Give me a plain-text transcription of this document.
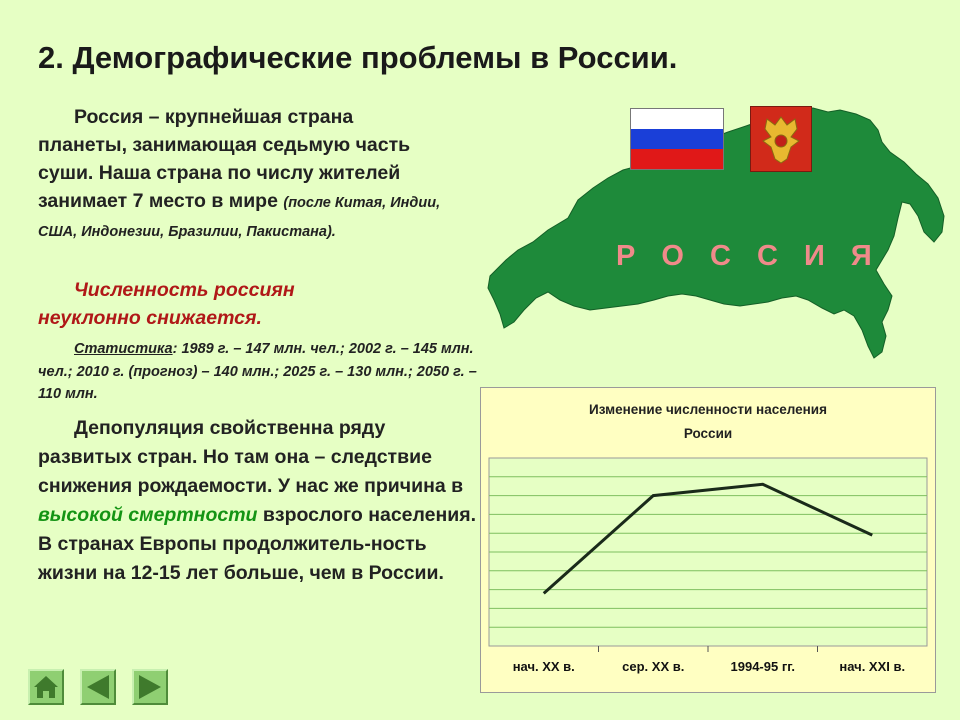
2. Демографические проблемы в России.
Россия – крупнейшая страна
планеты, занимающая седьмую часть суши. Наша страна по числу жителей занимает 7 место в мире (после Китая, Индии, США, Индонезии, Бразилии, Пакистана).
Численность россиян
неуклонно снижается.
Статистика: 1989 г. – 147 млн. чел.; 2002 г. – 145 млн. чел.; 2010 г. (прогноз) – 140 млн.; 2025 г. – 130 млн.; 2050 г. – 110 млн.
Депопуляция свойственна ряду развитых стран. Но там она – следствие снижения рождаемости. У нас же причина в высокой смертности взрослого населения. В странах Европы продолжитель-ность жизни на 12-15 лет больше, чем в России.
Р О С С И Я
Изменение численности населения
России
нач. XX в.	сер. XX в.	1994-95 гг.	нач. XXI в.
